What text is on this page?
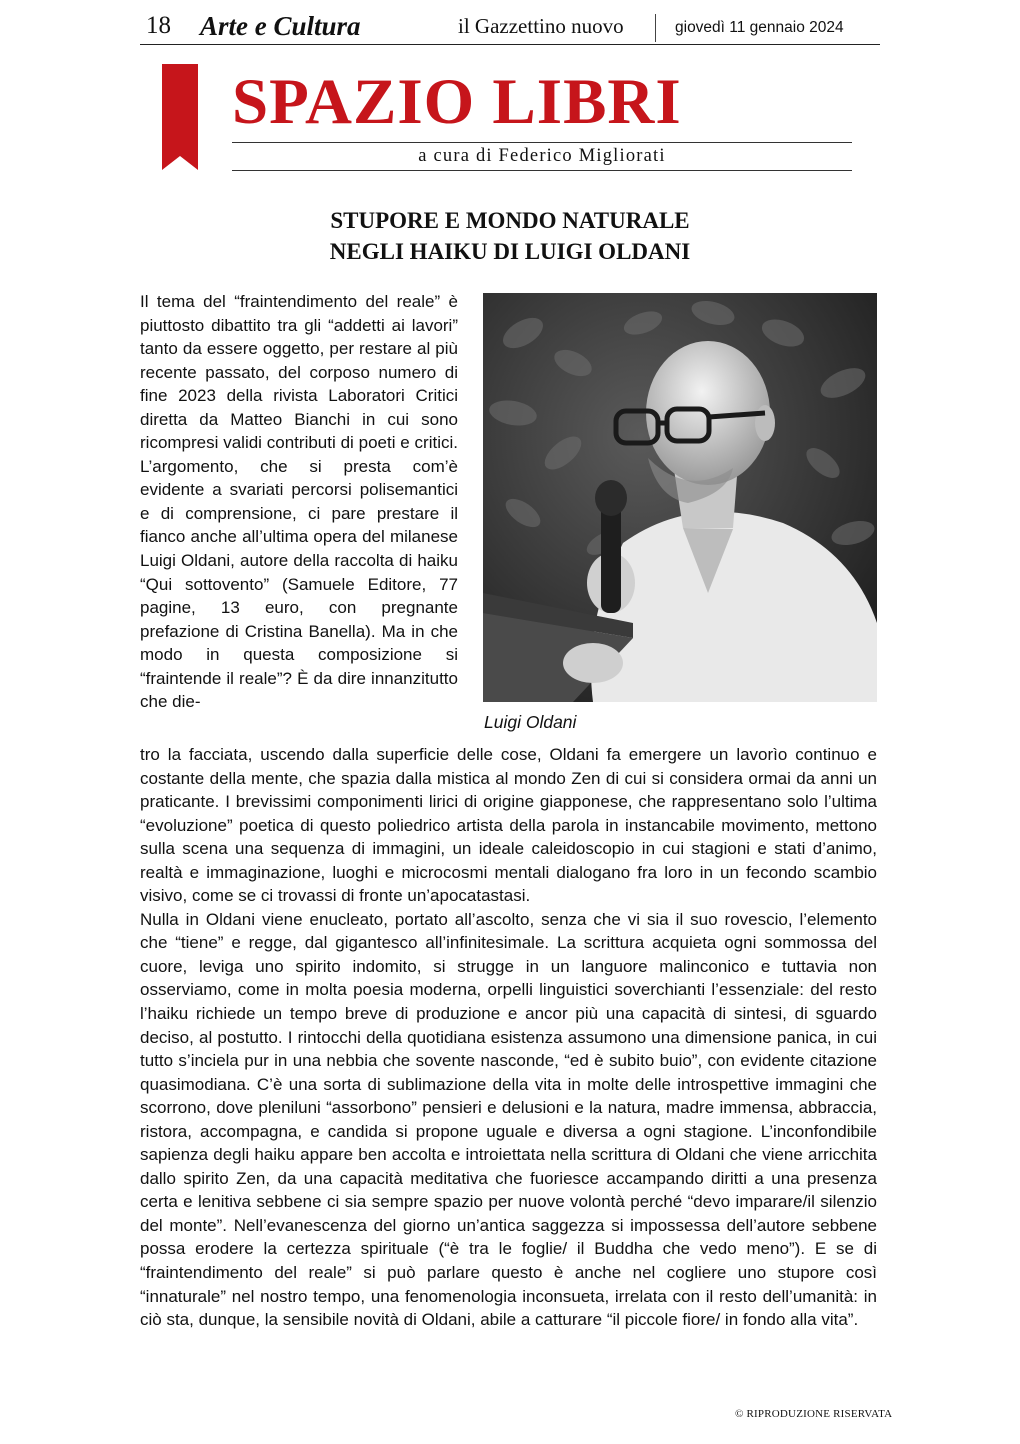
18 Arte e Cultura	il Gazzettino nuovo	giovedì 11 gennaio 2024
SPAZIO LIBRI
a cura di Federico Migliorati
STUPORE E MONDO NATURALE
NEGLI HAIKU DI LUIGI OLDANI

Il tema del “fraintendimento del reale” è piuttosto dibattito tra gli “addetti ai lavori” tanto da essere oggetto, per restare al più recente passato, del corposo numero di fine 2023 della rivista Laboratori Critici diretta da Matteo Bianchi in cui sono ricompresi validi contributi di poeti e critici. L’argomento, che si presta com’è evidente a svariati percorsi polisemantici e di comprensione, ci pare prestare il fianco anche all’ultima opera del milanese Luigi Oldani, autore della raccolta di haiku “Qui sottovento” (Samuele Editore, 77 pagine, 13 euro, con pregnante prefazione di Cristina Banella). Ma in che modo in questa composizione si “fraintende il reale”? È da dire innanzitutto che die-

Luigi Oldani

tro la facciata, uscendo dalla superficie delle cose, Oldani fa emergere un lavorìo continuo e costante della mente, che spazia dalla mistica al mondo Zen di cui si considera ormai da anni un praticante. I brevissimi componimenti lirici di origine giapponese, che rappresentano solo l’ultima “evoluzione” poetica di questo poliedrico artista della parola in instancabile movimento, mettono sulla scena una sequenza di immagini, un ideale caleidoscopio in cui stagioni e stati d’animo, realtà e immaginazione, luoghi e microcosmi mentali dialogano fra loro in un fecondo scambio visivo, come se ci trovassi di fronte un’apocatastasi.

Nulla in Oldani viene enucleato, portato all’ascolto, senza che vi sia il suo rovescio, l’elemento che “tiene” e regge, dal gigantesco all’infinitesimale. La scrittura acquieta ogni sommossa del cuore, leviga uno spirito indomito, si strugge in un languore malinconico e tuttavia non osserviamo, come in molta poesia moderna, orpelli linguistici soverchianti l’essenziale: del resto l’haiku richiede un tempo breve di produzione e ancor più una capacità di sintesi, di sguardo deciso, al postutto. I rintocchi della quotidiana esistenza assumono una dimensione panica, in cui tutto s’inciela pur in una nebbia che sovente nasconde, “ed è subito buio”, con evidente citazione quasimodiana. C’è una sorta di sublimazione della vita in molte delle introspettive immagini che scorrono, dove pleniluni “assorbono” pensieri e delusioni e la natura, madre immensa, abbraccia, ristora, accompagna, e candida si propone uguale e diversa a ogni stagione. L’inconfondibile sapienza degli haiku appare ben accolta e introiettata nella scrittura di Oldani che viene arricchita dallo spirito Zen, da una capacità meditativa che fuoriesce accampando diritti a una presenza certa e lenitiva sebbene ci sia sempre spazio per nuove volontà perché “devo imparare/il silenzio del monte”. Nell’evanescenza del giorno un’antica saggezza si impossessa dell’autore sebbene possa erodere la certezza spirituale (“è tra le foglie/ il Buddha che vedo meno”). E se di “fraintendimento del reale” si può parlare questo è anche nel cogliere uno stupore così “innaturale” nel nostro tempo, una fenomenologia inconsueta, irrelata con il resto dell’umanità: in ciò sta, dunque, la sensibile novità di Oldani, abile a catturare “il piccole fiore/ in fondo alla vita”.

© RIPRODUZIONE RISERVATA
